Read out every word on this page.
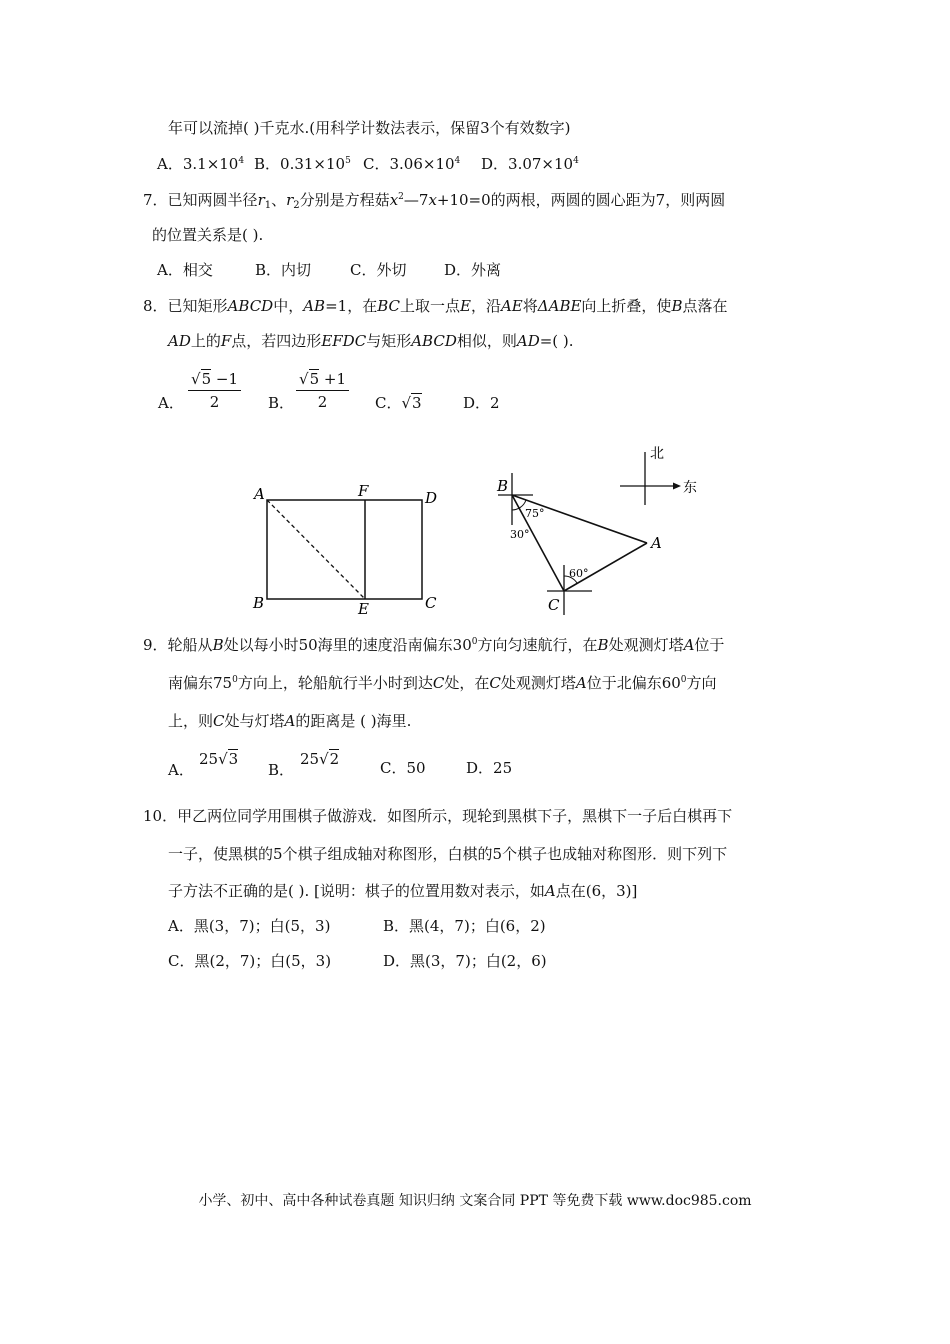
年可以流掉( )千克水.(用科学计数法表示，保留3个有效数字)
A．$3.1\times 10^4$ B．$0.31\times 10^5$ C．$3.06\times 10^4$ D．$3.07\times 10^4$
7．已知两圆半径$r_1$、$r_2$分别是方程菇$x^2—7x+10=0$的两根，两圆的圆心距为7，则两圆
的位置关系是( ).
A．相交	B．内切	C．外切	D．外离
8．已知矩形ABCD中，AB=1，在BC上取一点E，沿AE将ΔABE向上折叠，使B点落在
AD上的F点，若四边形EFDC与矩形ABCD相似，则AD=( ).
A． $\frac{√5 -1}{2}$ B． $\frac{√5 +1}{2}$ C．√3	D．2
A	F	D
B	E	C
北
东
B
A
C
75°
30°
60°
9．轮船从B处以每小时50海里的速度沿南偏东$30^0$方向匀速航行，在B处观测灯塔A位于
南偏东$75^0$方向上，轮船航行半小时到达C处，在C处观测灯塔A位于北偏东$60^0$方向
上，则C处与灯塔A的距离是 ( )海里.
A．
25√3
B．
25√2	C．50	D．25
10．甲乙两位同学用围棋子做游戏．如图所示，现轮到黑棋下子，黑棋下一子后白棋再下
一子，使黑棋的5个棋子组成轴对称图形，白棋的5个棋子也成轴对称图形．则下列下
子方法不正确的是( ). [说明：棋子的位置用数对表示，如A点在(6，3)]
A．黑(3，7)；白(5，3)	B．黑(4，7)；白(6，2)
C．黑(2，7)；白(5，3)	D．黑(3，7)；白(2，6)
小学、初中、高中各种试卷真题 知识归纳 文案合同 PPT 等免费下载 www.doc985.com
